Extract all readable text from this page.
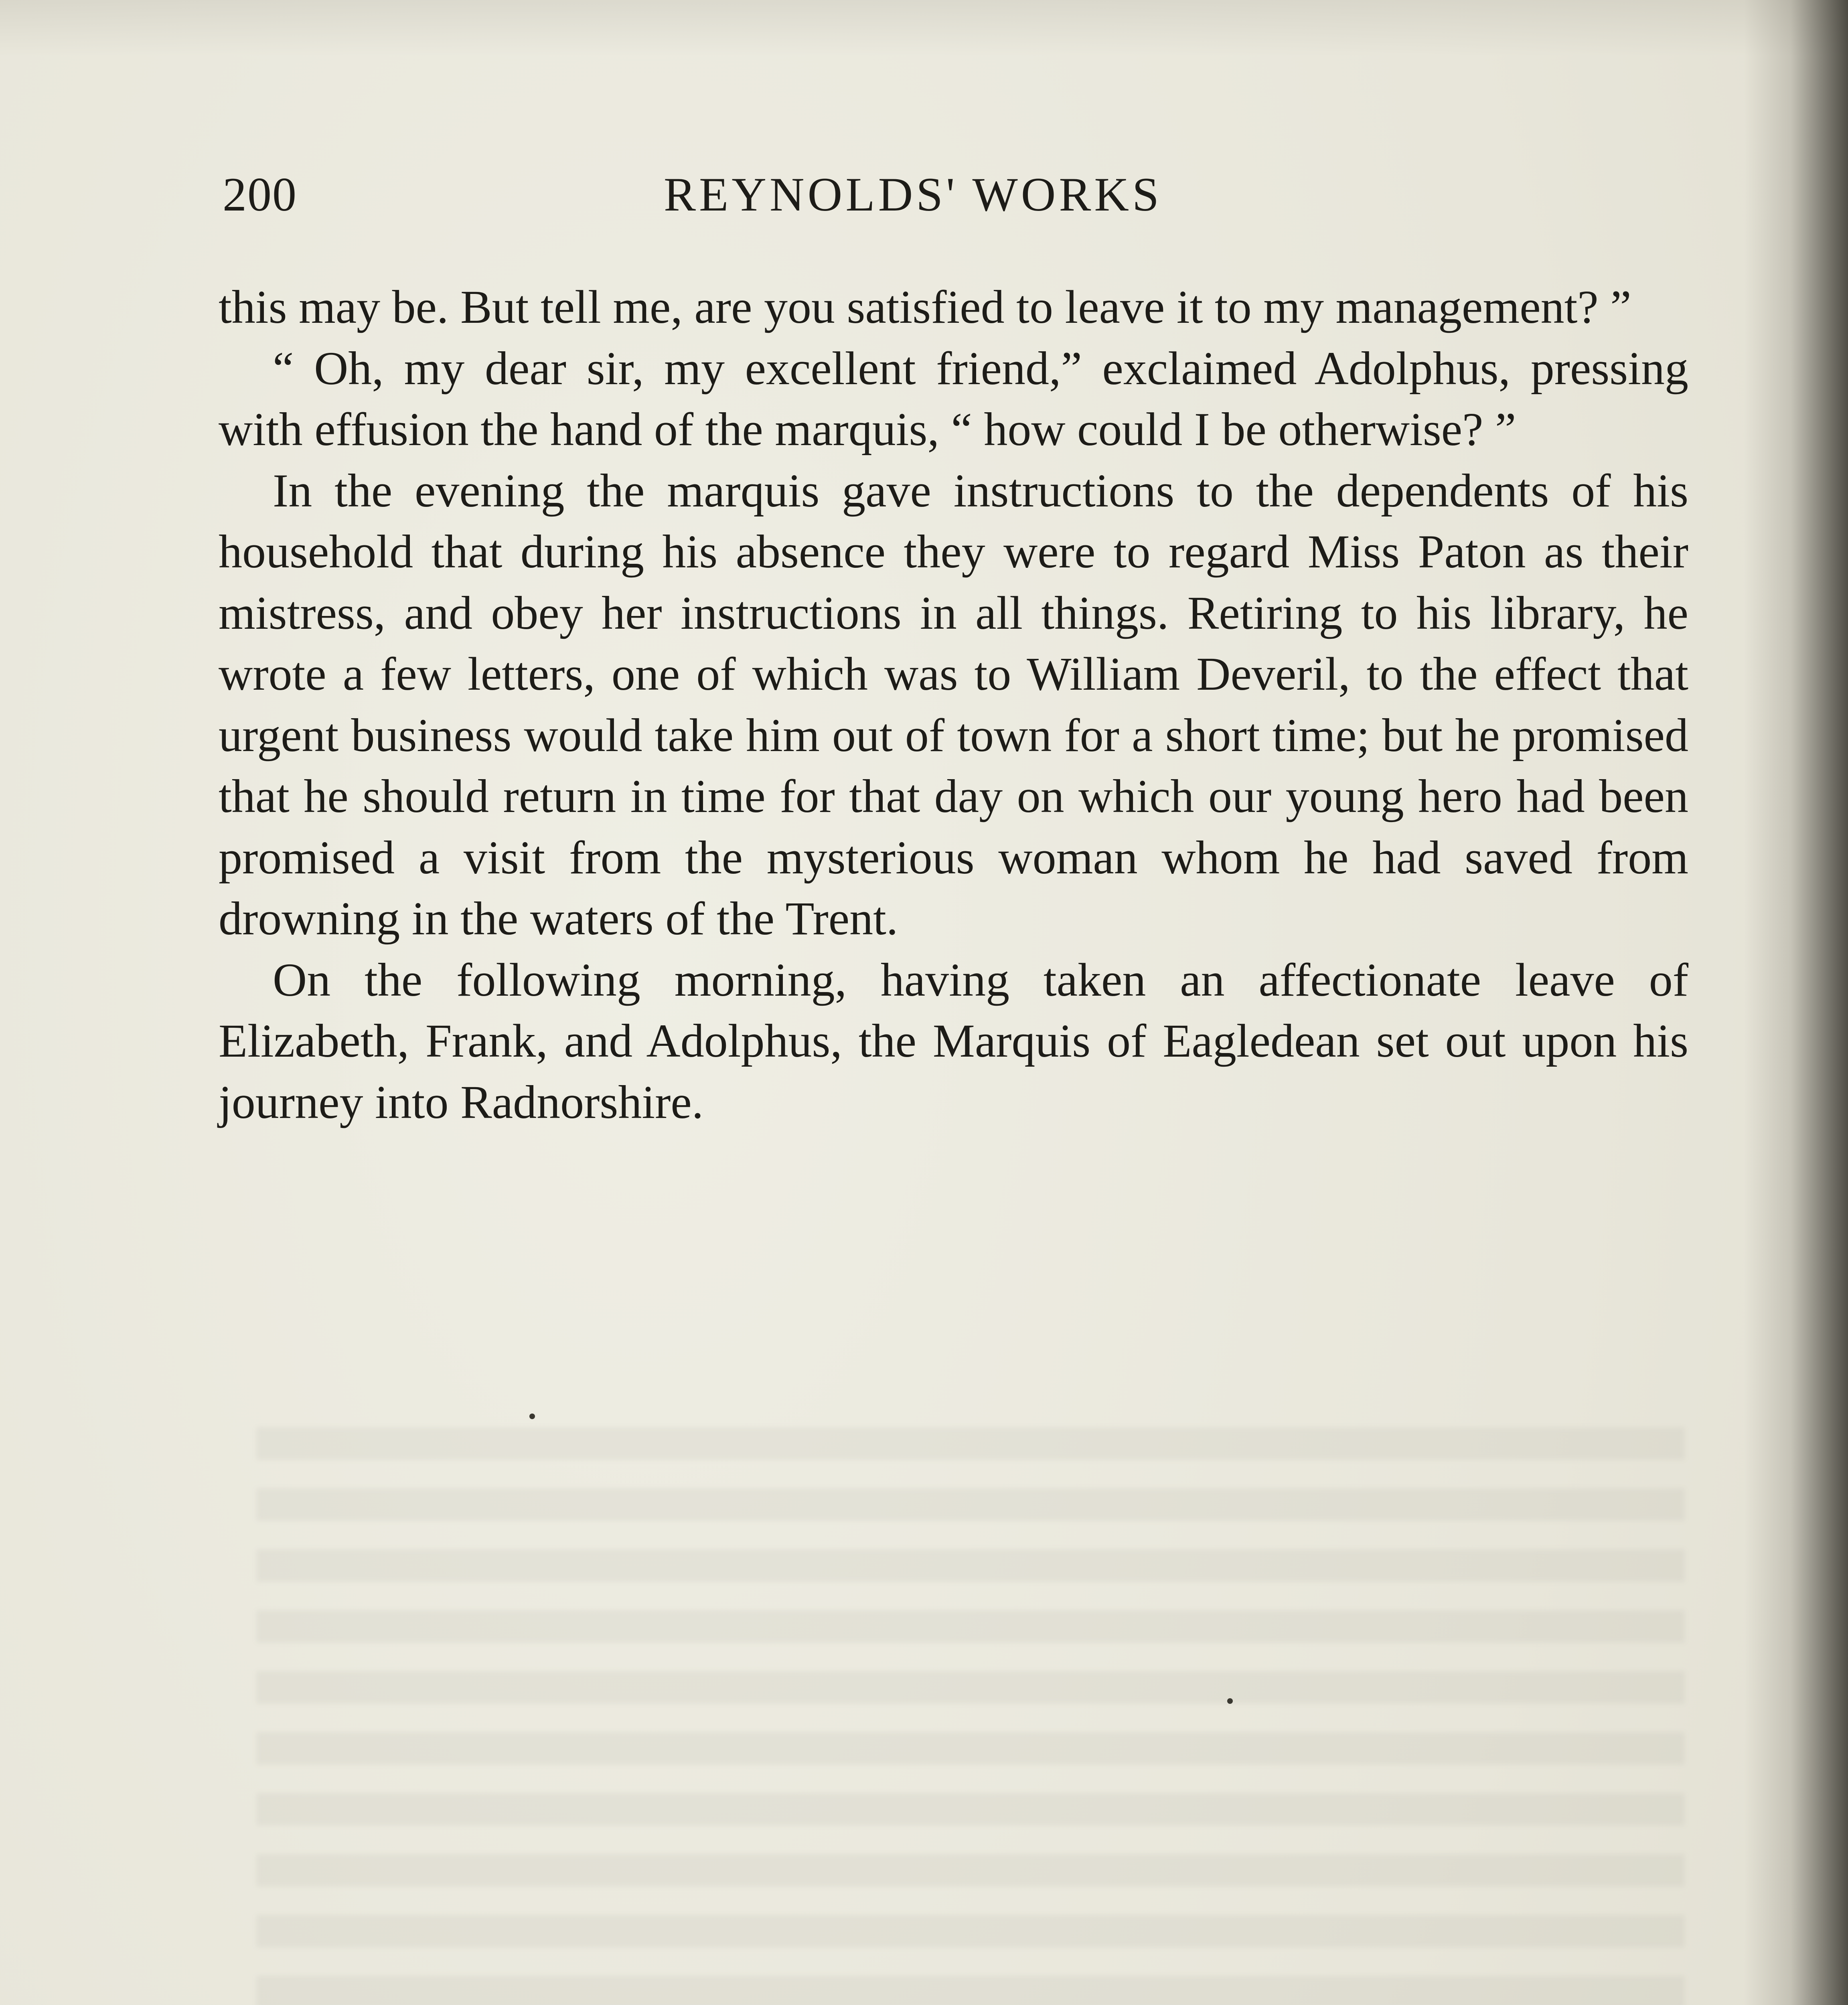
200	REYNOLDS' WORKS

this may be. But tell me, are you satisfied to leave it to my management? ”

“ Oh, my dear sir, my excellent friend,” exclaimed Adolphus, pressing with effusion the hand of the marquis, “ how could I be otherwise? ”

In the evening the marquis gave instructions to the dependents of his household that during his absence they were to regard Miss Paton as their mistress, and obey her instructions in all things. Retiring to his library, he wrote a few letters, one of which was to William Deveril, to the effect that urgent business would take him out of town for a short time; but he promised that he should return in time for that day on which our young hero had been promised a visit from the mysterious woman whom he had saved from drowning in the waters of the Trent.

On the following morning, having taken an affectionate leave of Elizabeth, Frank, and Adolphus, the Marquis of Eagledean set out upon his journey into Radnorshire.
